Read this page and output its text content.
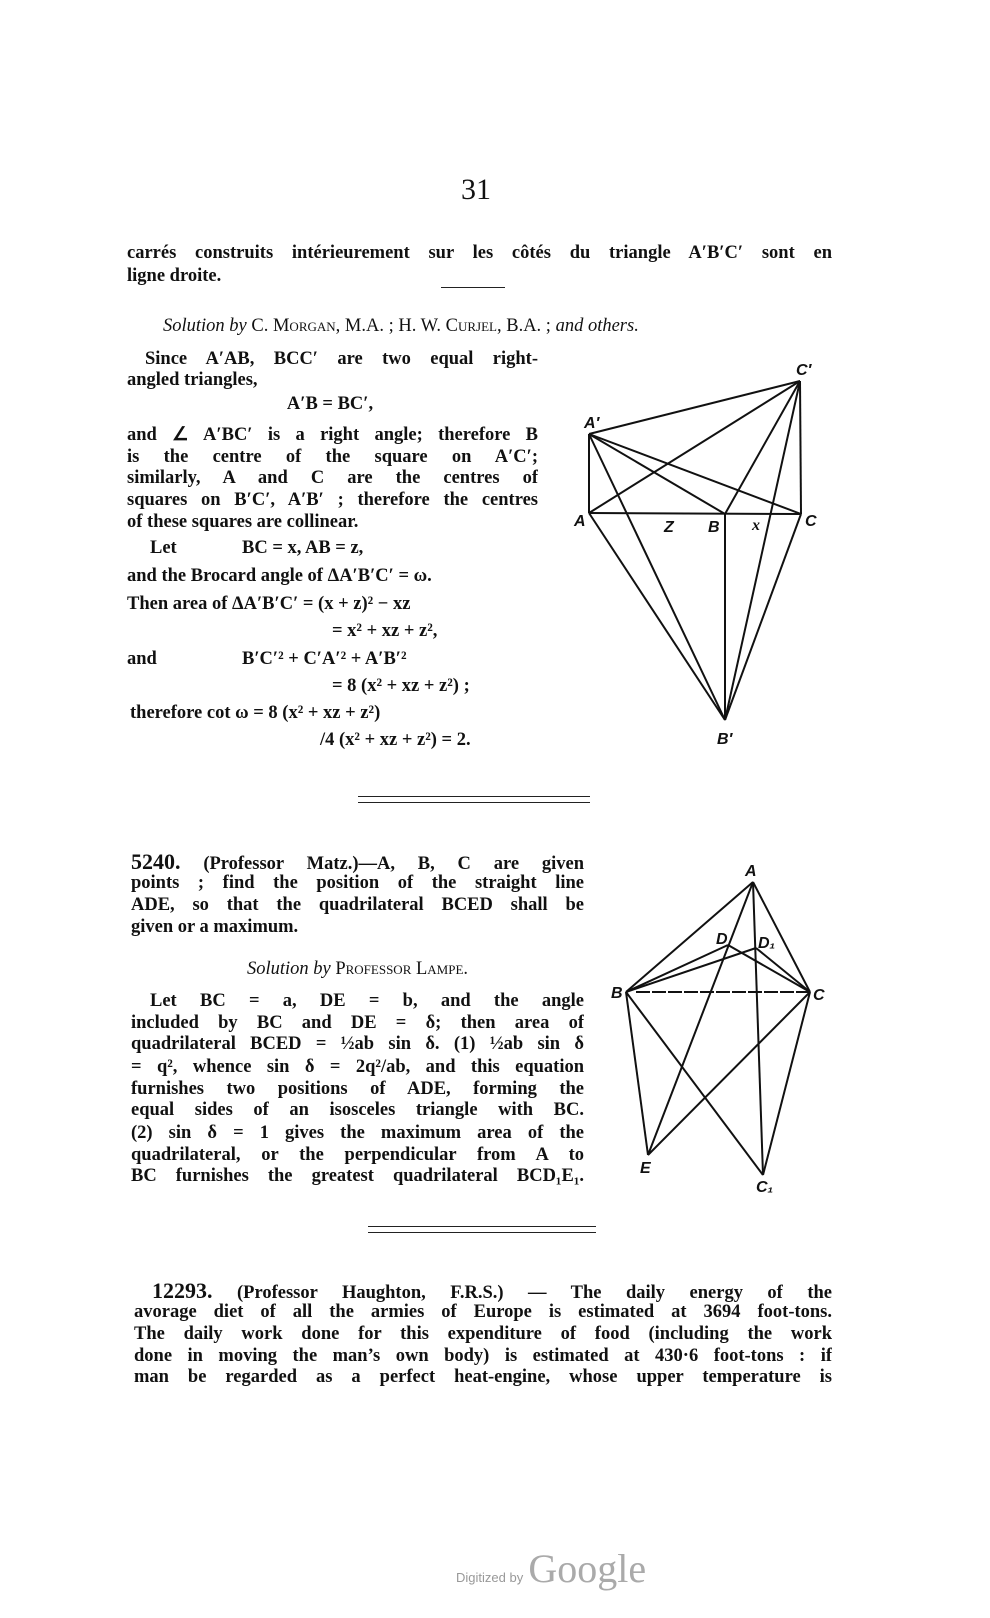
31
carrés construits intérieurement sur les côtés du triangle A′B′C′ sont en
ligne droite.
Solution by C. Morgan, M.A. ; H. W. Curjel, B.A. ; and others.
Since A′AB, BCC′ are two equal right-
angled triangles,
A′B = BC′,
and ∠ A′BC′ is a right angle; therefore B
is the centre of the square on A′C′;
similarly, A and C are the centres of
squares on B′C′, A′B′ ; therefore the centres
of these squares are collinear.
Let	BC = x, AB = z,
and the Brocard angle of ΔA′B′C′ = ω.
Then area of ΔA′B′C′ = (x + z)² − xz
= x² + xz + z²,
and	B′C′² + C′A′² + A′B′²
= 8 (x² + xz + z²) ;
therefore cot ω = 8 (x² + xz + z²)
/4 (x² + xz + z²) = 2.
5240. (Professor Matz.)—A, B, C are given
points ; find the position of the straight line
ADE, so that the quadrilateral BCED shall be
given or a maximum.
Solution by Professor Lampe.
Let BC = a, DE = b, and the angle
included by BC and DE = δ; then area of
quadrilateral BCED = ½ab sin δ. (1) ½ab sin δ
= q², whence sin δ = 2q²/ab, and this equation
furnishes two positions of ADE, forming the
equal sides of an isosceles triangle with BC.
(2) sin δ = 1 gives the maximum area of the
quadrilateral, or the perpendicular from A to
BC furnishes the greatest quadrilateral BCD₁E₁.
12293. (Professor Haughton, F.R.S.) — The daily energy of the
avorage diet of all the armies of Europe is estimated at 3694 foot-tons.
The daily work done for this expenditure of food (including the work
done in moving the man’s own body) is estimated at 430·6 foot-tons : if
man be regarded as a perfect heat-engine, whose upper temperature is
C′
A′
A	Z B x	C
B′
A
D D₁
B	C
E
C₁
Digitized by Google
